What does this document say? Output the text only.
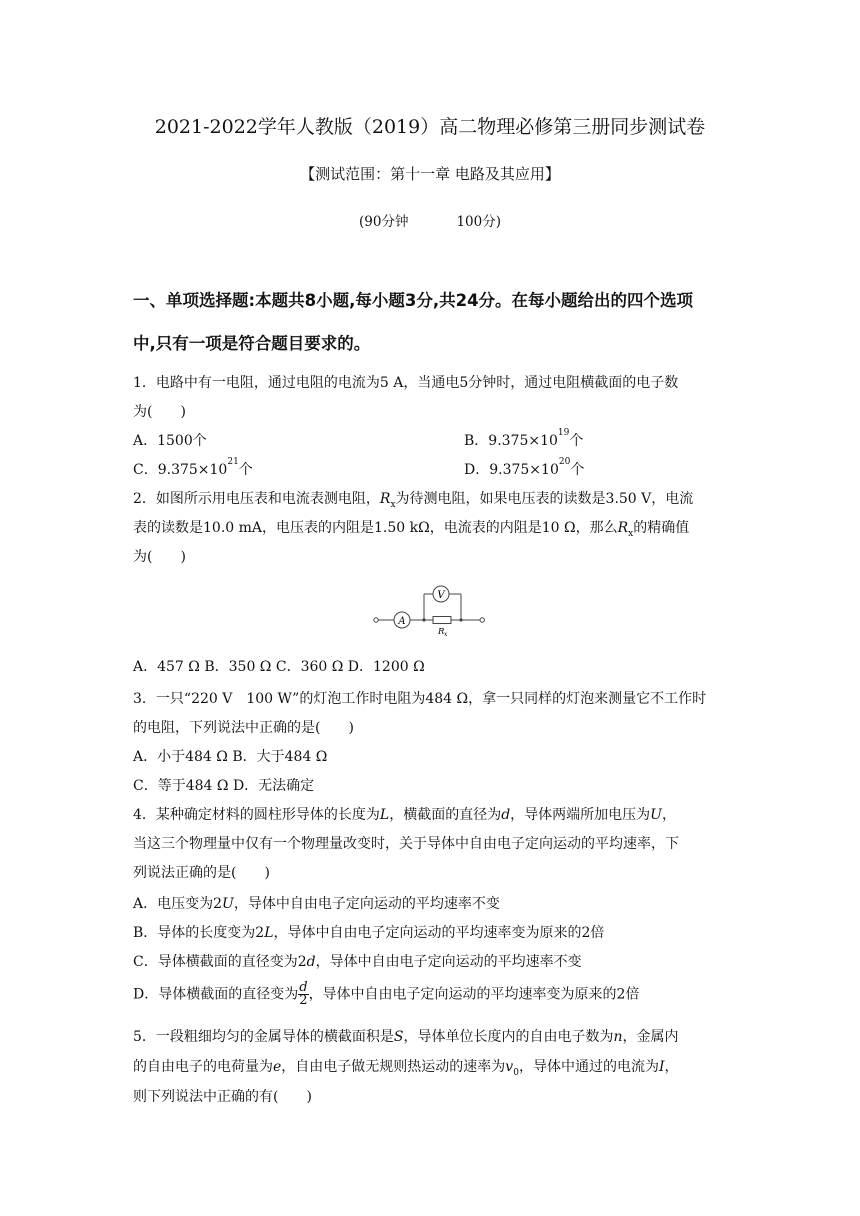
2021-2022学年人教版（2019）高二物理必修第三册同步测试卷
【测试范围：第十一章 电路及其应用】
(90分钟	100分)
一、单项选择题:本题共8小题,每小题3分,共24分。在每小题给出的四个选项
中,只有一项是符合题目要求的。
1．电路中有一电阻，通过电阻的电流为5 A，当通电5分钟时，通过电阻横截面的电子数
为(　　)
A．1500个	B．$9.375\times 10^{19}$个
C．$9.375\times 10^{21}$个	D．$9.375\times 10^{20}$个
2．如图所示用电压表和电流表测电阻，$R_x$为待测电阻，如果电压表的读数是3.50 V，电流
表的读数是10.0 mA，电压表的内阻是1.50 kΩ，电流表的内阻是10 Ω，那么$R_x$的精确值
为(　　)
A
V
R x
A．457 Ω B．350 Ω C．360 Ω D．1200 Ω
3．一只“220 V　100 W”的灯泡工作时电阻为484 Ω，拿一只同样的灯泡来测量它不工作时
的电阻，下列说法中正确的是(　　)
A．小于484 Ω B．大于484 Ω
C．等于484 Ω D．无法确定
4．某种确定材料的圆柱形导体的长度为L，横截面的直径为d，导体两端所加电压为U，
当这三个物理量中仅有一个物理量改变时，关于导体中自由电子定向运动的平均速率，下
列说法正确的是(　　)
A．电压变为2U，导体中自由电子定向运动的平均速率不变
B．导体的长度变为2L，导体中自由电子定向运动的平均速率变为原来的2倍
C．导体横截面的直径变为2d，导体中自由电子定向运动的平均速率不变
D．导体横截面的直径变为 $\frac{d}{2}$ ，导体中自由电子定向运动的平均速率变为原来的2倍
5．一段粗细均匀的金属导体的横截面积是S，导体单位长度内的自由电子数为n，金属内
的自由电子的电荷量为e，自由电子做无规则热运动的速率为$v_0$，导体中通过的电流为I，
则下列说法中正确的有(　　)
